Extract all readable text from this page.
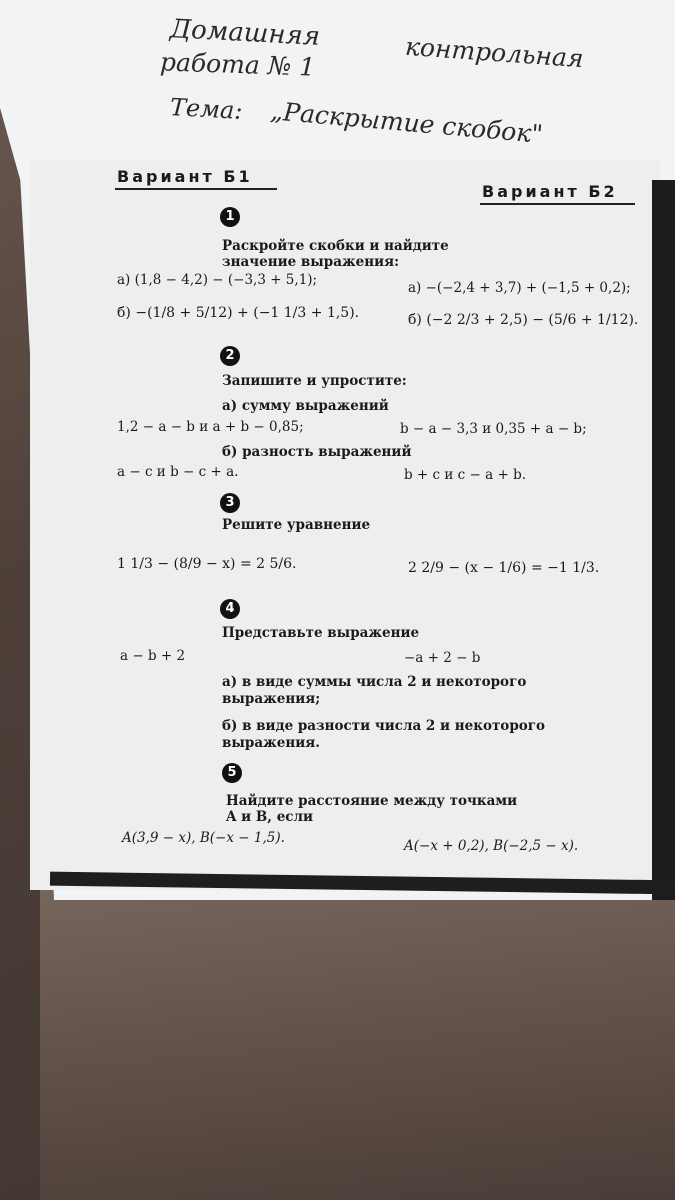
Домашняя	контрольная
работа № 1
Тема: „Раскрытие скобок"
Вариант Б1
Вариант Б2
1
Раскройте скобки и найдите значение выражения:
а) (1,8 − 4,2) − (−3,3 + 5,1);	а) −(−2,4 + 3,7) + (−1,5 + 0,2);
б) −(1/8 + 5/12) + (−1 1/3 + 1,5).	б) (−2 2/3 + 2,5) − (5/6 + 1/12).
2
Запишите и упростите:
а) сумму выражений
1,2 − a − b и a + b − 0,85;	b − a − 3,3 и 0,35 + a − b;
б) разность выражений
a − c и b − c + a.	b + c и c − a + b.
3
Решите уравнение
1 1/3 − (8/9 − x) = 2 5/6.	2 2/9 − (x − 1/6) = −1 1/3.
4
Представьте выражение
a − b + 2	−a + 2 − b
а) в виде суммы числа 2 и некоторого выражения;
б) в виде разности числа 2 и некоторого выражения.
5
Найдите расстояние между точками A и B, если
A(3,9 − x), B(−x − 1,5).	A(−x + 0,2), B(−2,5 − x).
